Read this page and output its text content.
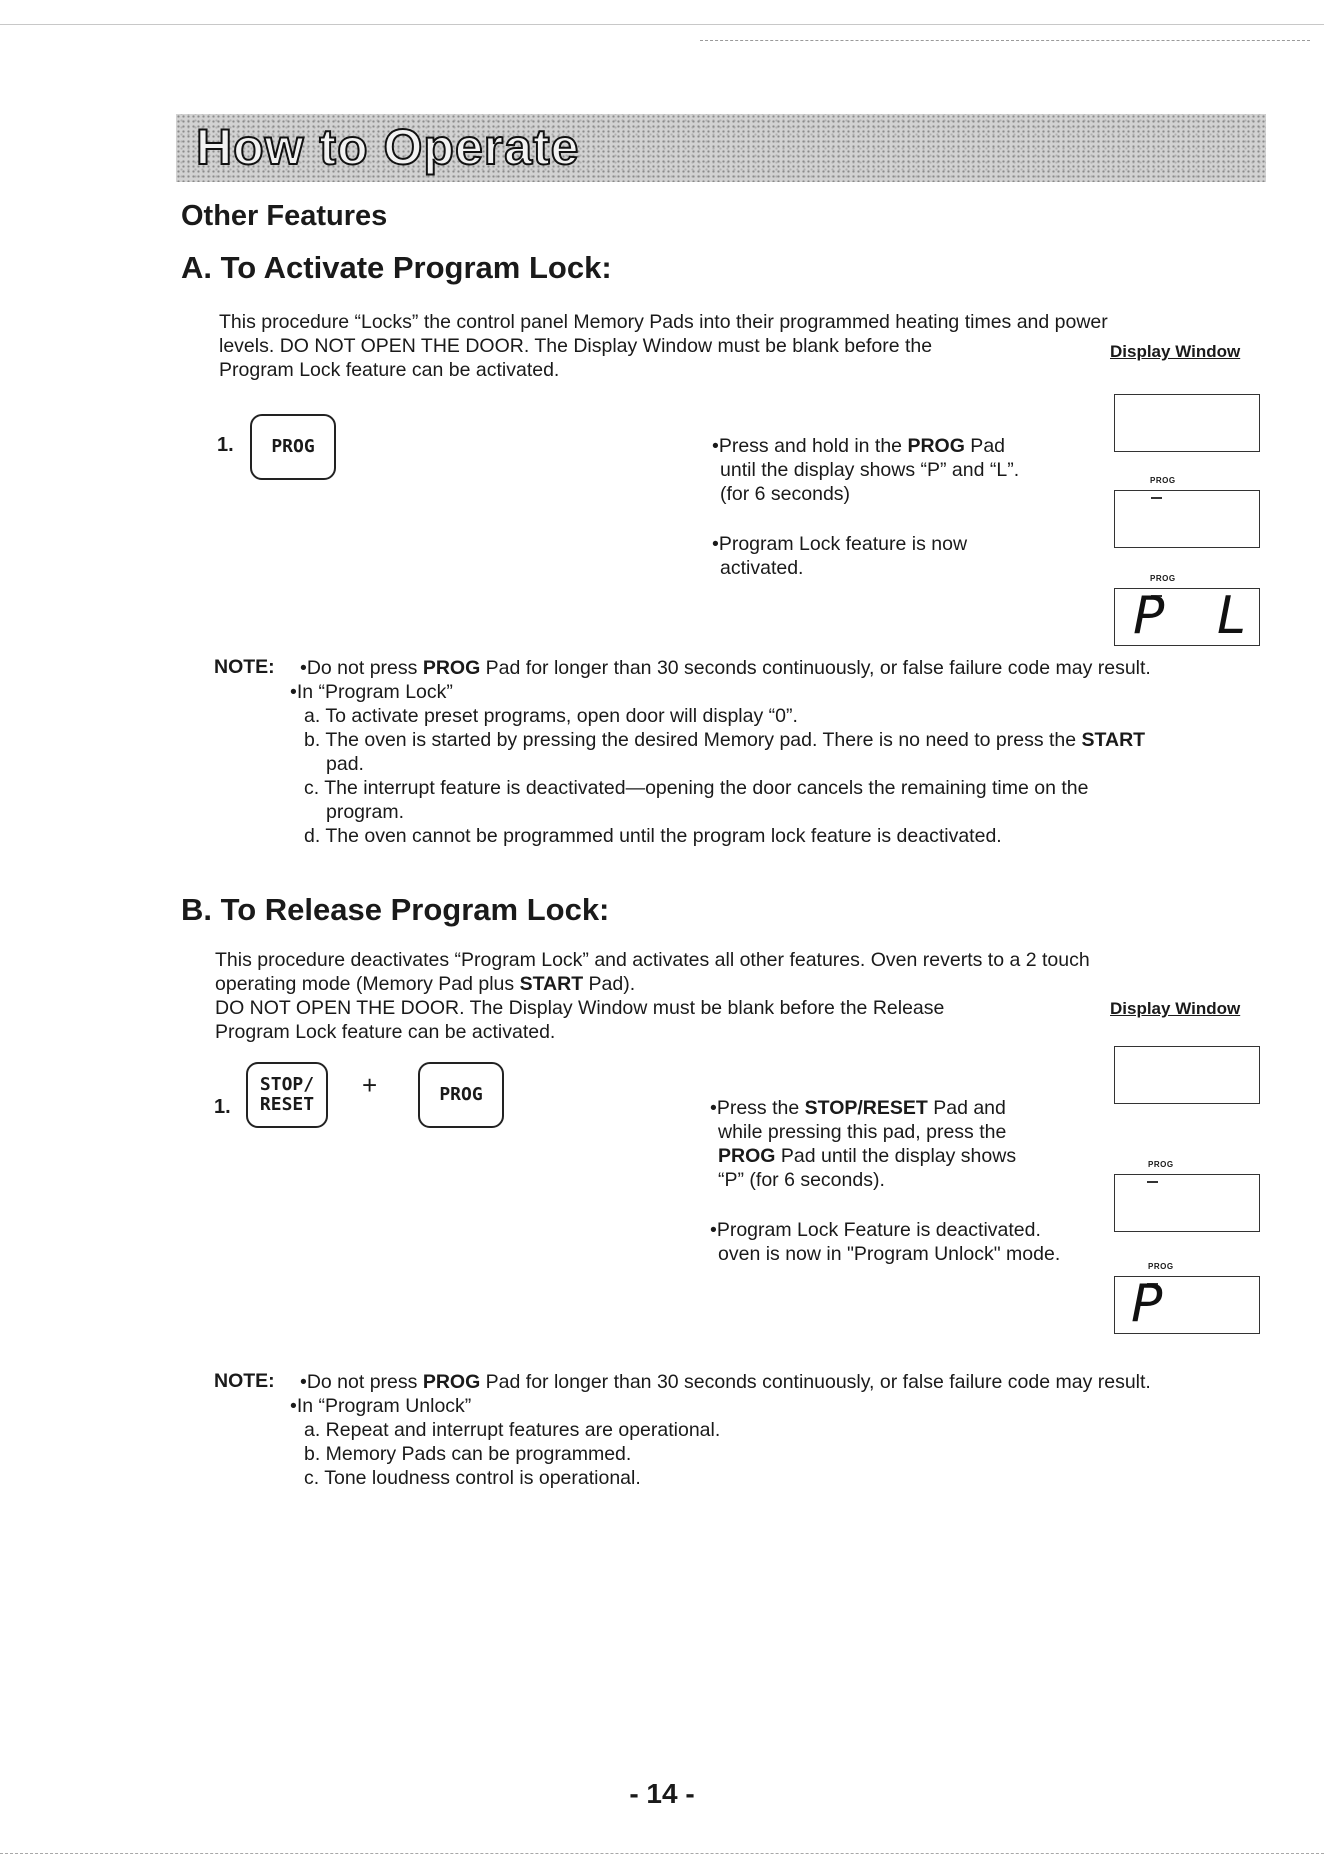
How to Operate
Other Features
A. To Activate Program Lock:
This procedure “Locks” the control panel Memory Pads into their programmed heating times and power
levels. DO NOT OPEN THE DOOR. The Display Window must be blank before the
Program Lock feature can be activated.
Display Window
1.	PROG	•Press and hold in the PROG Pad
until the display shows “P” and “L”.
(for 6 seconds)
•Program Lock feature is now
activated.
PROG
PROG
P L
NOTE: •Do not press PROG Pad for longer than 30 seconds continuously, or false failure code may result.
•In “Program Lock”
a. To activate preset programs, open door will display “0”.
b. The oven is started by pressing the desired Memory pad. There is no need to press the START
pad.
c. The interrupt feature is deactivated—opening the door cancels the remaining time on the
program.
d. The oven cannot be programmed until the program lock feature is deactivated.
B. To Release Program Lock:
This procedure deactivates “Program Lock” and activates all other features. Oven reverts to a 2 touch
operating mode (Memory Pad plus START Pad).
DO NOT OPEN THE DOOR. The Display Window must be blank before the Release
Program Lock feature can be activated.
Display Window
1.
STOP/
RESET
+	PROG
•Press the STOP/RESET Pad and
while pressing this pad, press the
PROG Pad until the display shows
“P” (for 6 seconds).
•Program Lock Feature is deactivated.
oven is now in "Program Unlock" mode.
PROG
PROG
P
NOTE: •Do not press PROG Pad for longer than 30 seconds continuously, or false failure code may result.
•In “Program Unlock”
a. Repeat and interrupt features are operational.
b. Memory Pads can be programmed.
c. Tone loudness control is operational.
- 14 -
